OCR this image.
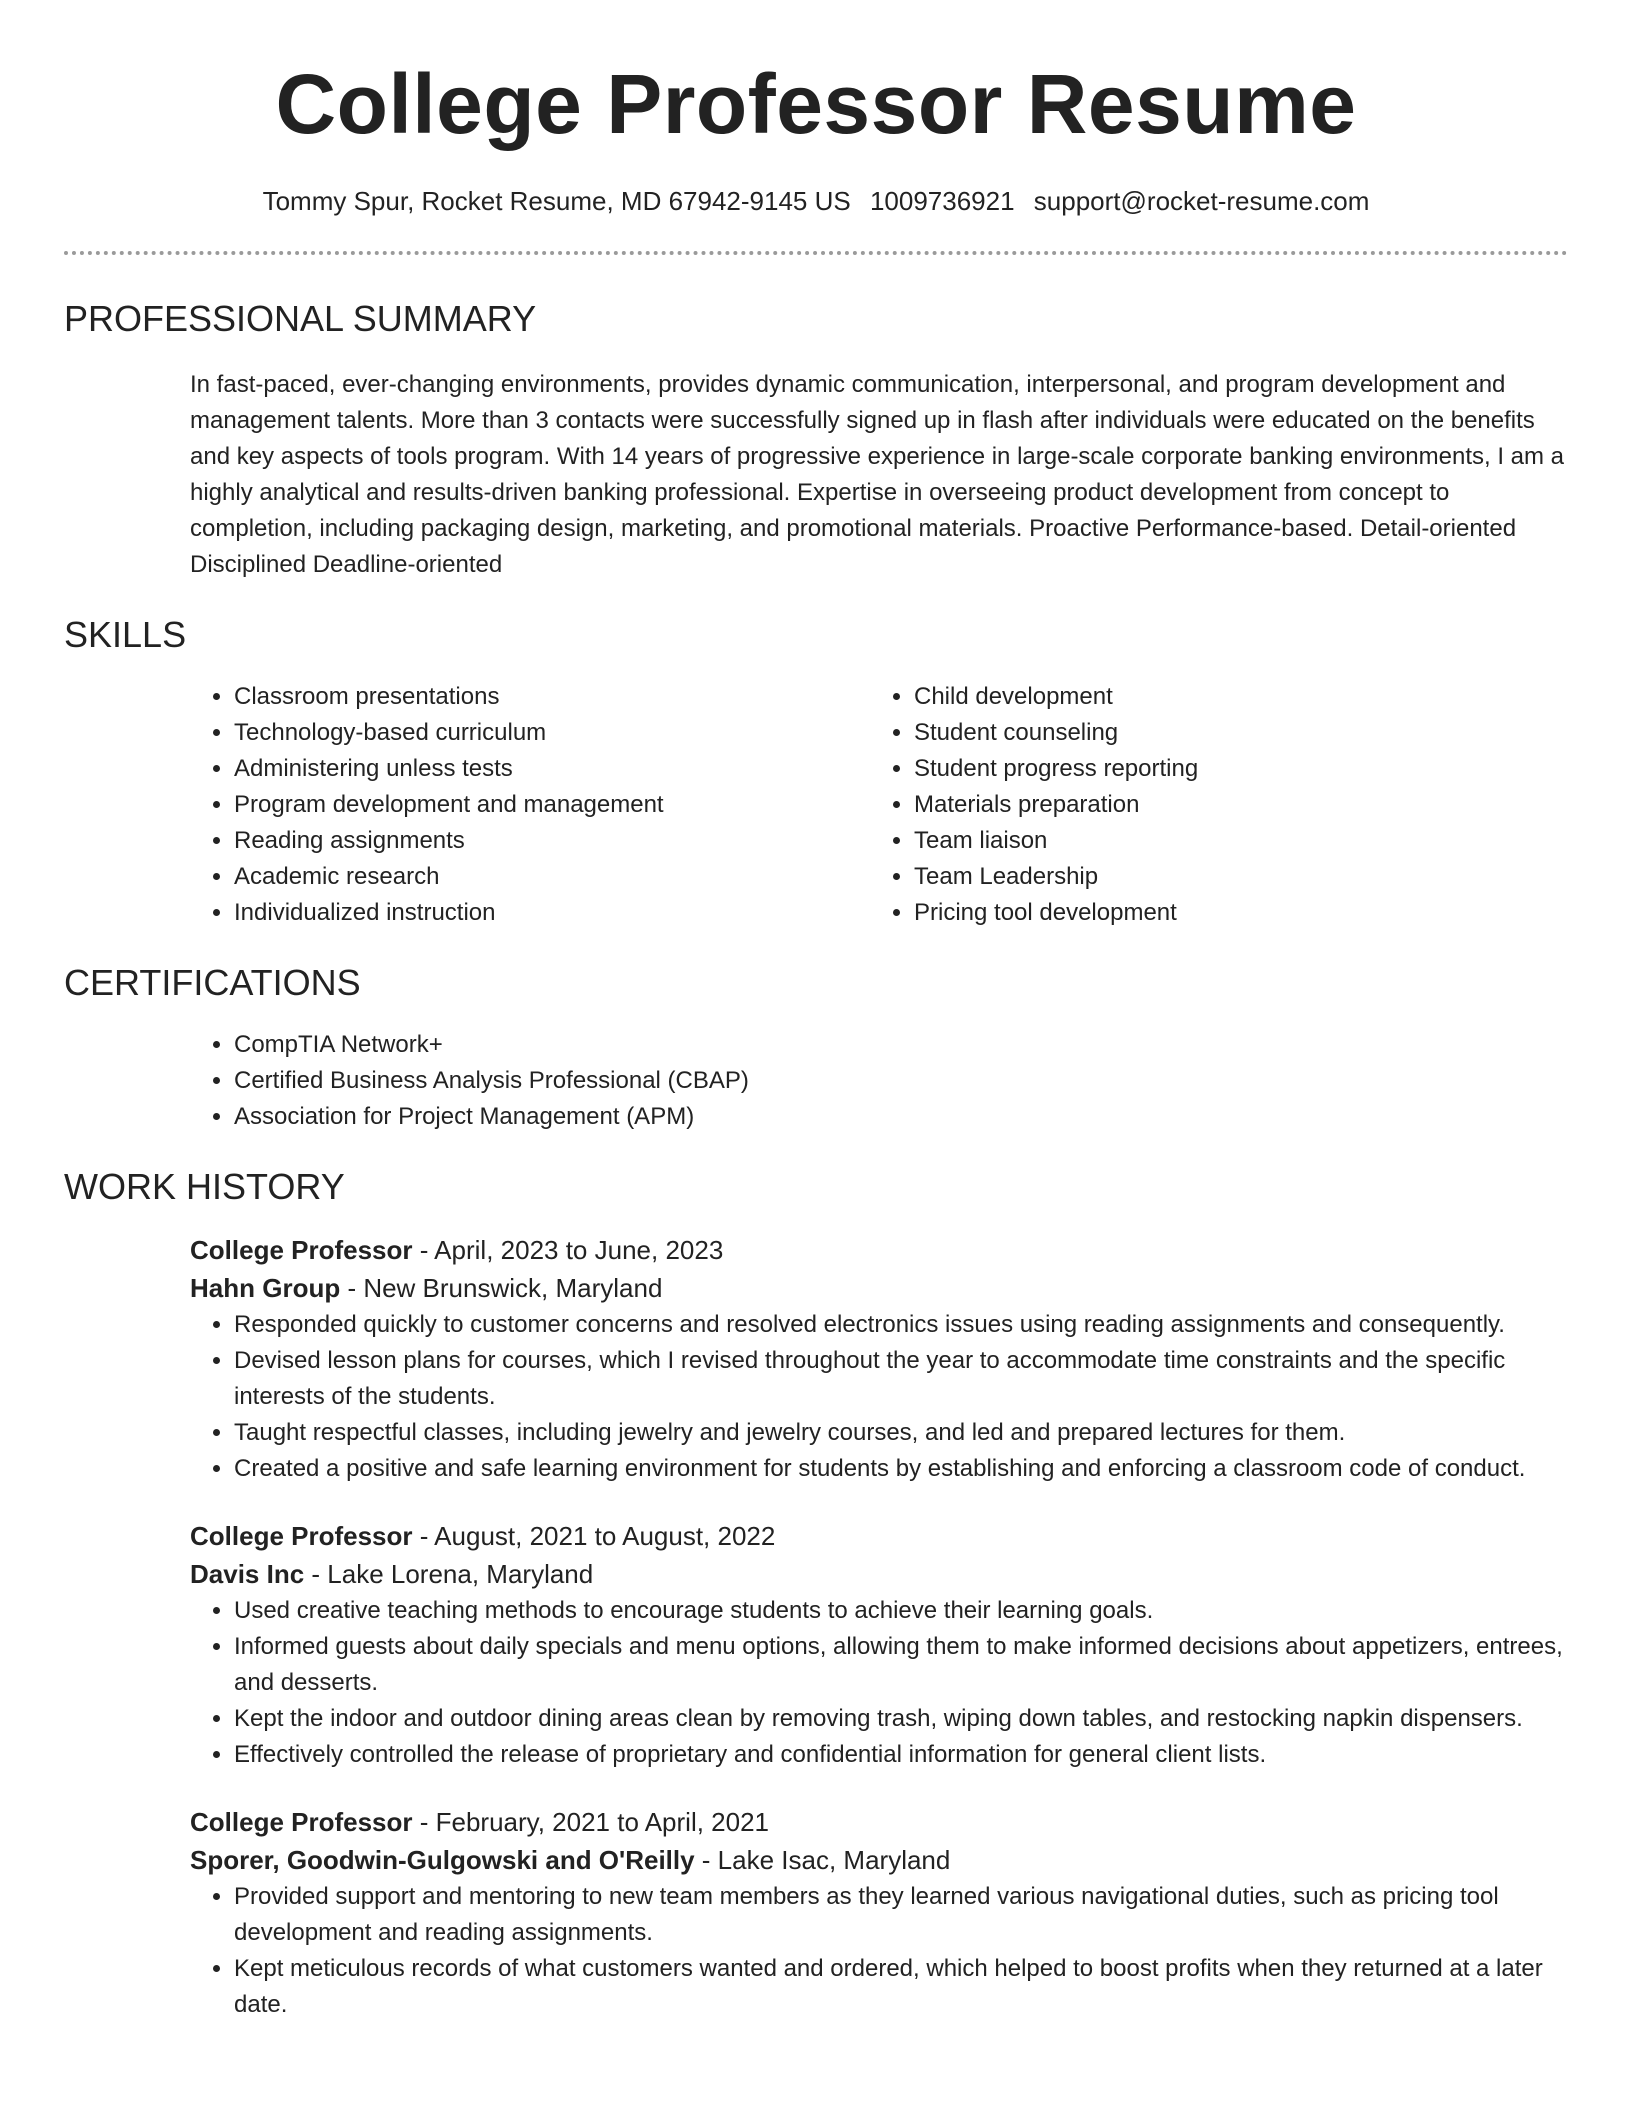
College Professor Resume
Tommy Spur, Rocket Resume, MD 67942-9145 US 1009736921 support@rocket-resume.com
PROFESSIONAL SUMMARY

In fast-paced, ever-changing environments, provides dynamic communication, interpersonal, and program development and management talents. More than 3 contacts were successfully signed up in flash after individuals were educated on the benefits and key aspects of tools program. With 14 years of progressive experience in large-scale corporate banking environments, I am a highly analytical and results-driven banking professional. Expertise in overseeing product development from concept to completion, including packaging design, marketing, and promotional materials. Proactive Performance-based. Detail-oriented Disciplined Deadline-oriented

SKILLS
• Classroom presentations
• Technology-based curriculum
• Administering unless tests
• Program development and management
• Reading assignments
• Academic research
• Individualized instruction
• Child development
• Student counseling
• Student progress reporting
• Materials preparation
• Team liaison
• Team Leadership
• Pricing tool development
CERTIFICATIONS
• CompTIA Network+
• Certified Business Analysis Professional (CBAP)
• Association for Project Management (APM)
WORK HISTORY
College Professor - April, 2023 to June, 2023
Hahn Group - New Brunswick, Maryland
• Responded quickly to customer concerns and resolved electronics issues using reading assignments and consequently.
• Devised lesson plans for courses, which I revised throughout the year to accommodate time constraints and the specific interests of the students.
• Taught respectful classes, including jewelry and jewelry courses, and led and prepared lectures for them.
• Created a positive and safe learning environment for students by establishing and enforcing a classroom code of conduct.
College Professor - August, 2021 to August, 2022
Davis Inc - Lake Lorena, Maryland
• Used creative teaching methods to encourage students to achieve their learning goals.
• Informed guests about daily specials and menu options, allowing them to make informed decisions about appetizers, entrees, and desserts.
• Kept the indoor and outdoor dining areas clean by removing trash, wiping down tables, and restocking napkin dispensers.
• Effectively controlled the release of proprietary and confidential information for general client lists.
College Professor - February, 2021 to April, 2021
Sporer, Goodwin-Gulgowski and O'Reilly - Lake Isac, Maryland
• Provided support and mentoring to new team members as they learned various navigational duties, such as pricing tool development and reading assignments.
• Kept meticulous records of what customers wanted and ordered, which helped to boost profits when they returned at a later date.
